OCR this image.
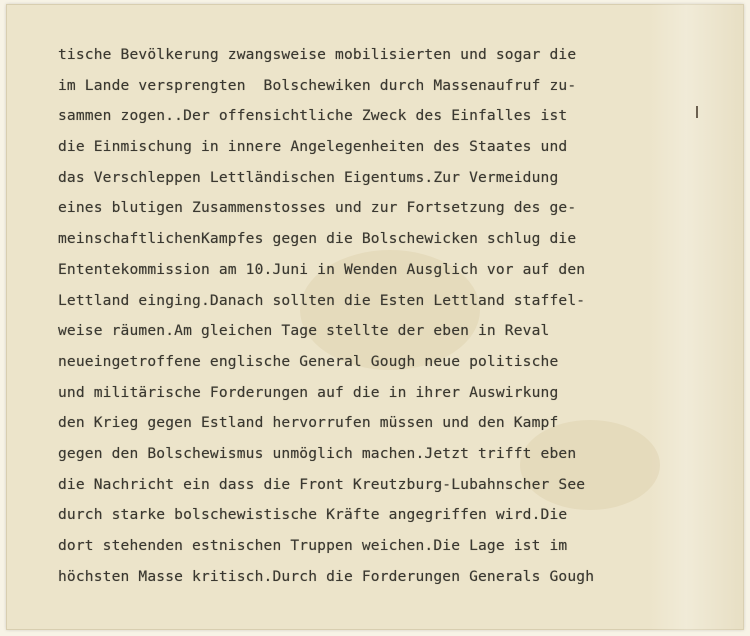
tische Bevölkerung zwangsweise mobilisierten und sogar die
im Lande versprengten  Bolschewiken durch Massenaufruf zu-
sammen zogen..Der offensichtliche Zweck des Einfalles ist
die Einmischung in innere Angelegenheiten des Staates und
das Verschleppen Lettländischen Eigentums.Zur Vermeidung
eines blutigen Zusammenstosses und zur Fortsetzung des ge-
meinschaftlichenKampfes gegen die Bolschewicken schlug die
Ententekommission am 10.Juni in Wenden Ausglich vor auf den
Lettland einging.Danach sollten die Esten Lettland staffel-
weise räumen.Am gleichen Tage stellte der eben in Reval
neueingetroffene englische General Gough neue politische
und militärische Forderungen auf die in ihrer Auswirkung
den Krieg gegen Estland hervorrufen müssen und den Kampf
gegen den Bolschewismus unmöglich machen.Jetzt trifft eben
die Nachricht ein dass die Front Kreutzburg-Lubahnscher See
durch starke bolschewistische Kräfte angegriffen wird.Die
dort stehenden estnischen Truppen weichen.Die Lage ist im
höchsten Masse kritisch.Durch die Forderungen Generals Gough
